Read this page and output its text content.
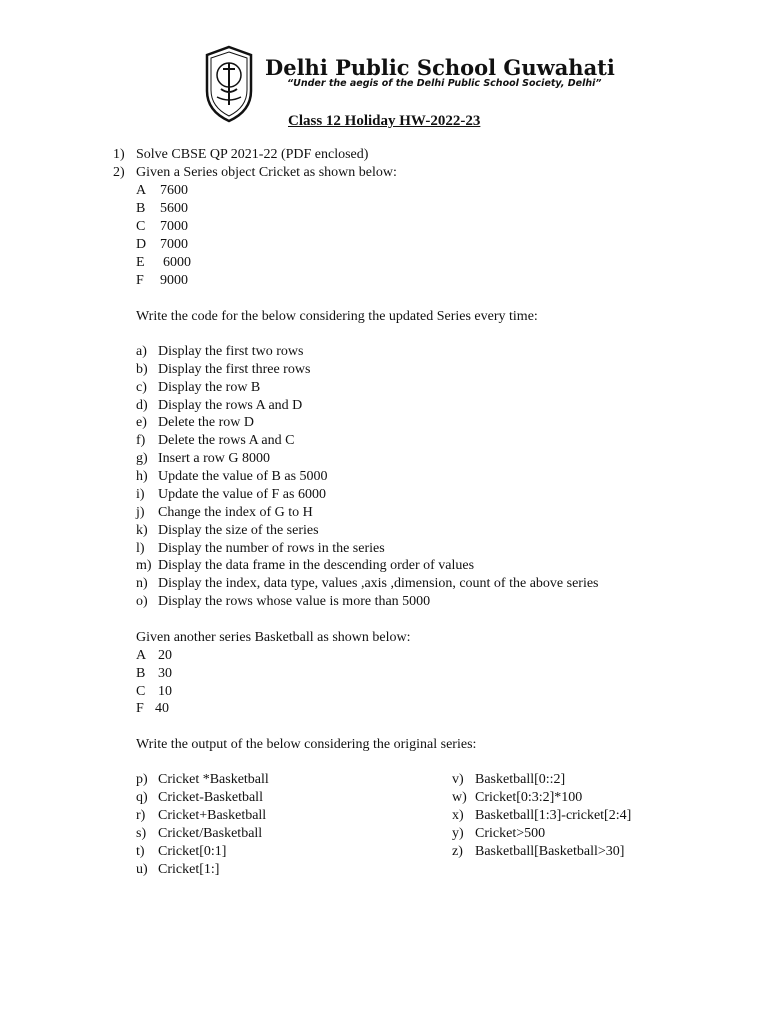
Delhi Public School Guwahati
“Under the aegis of the Delhi Public School Society, Delhi”
Class 12 Holiday HW-2022-23
1) Solve CBSE QP 2021-22 (PDF enclosed)
2) Given a Series object Cricket as shown below:
A 7600
B 5600
C 7000
D 7000
E 6000
F 9000
Write the code for the below considering the updated Series every time:
a) Display the first two rows
b) Display the first three rows
c) Display the row B
d) Display the rows A and D
e) Delete the row D
f) Delete the rows A and C
g) Insert a row G 8000
h) Update the value of B as 5000
i) Update the value of F as 6000
j) Change the index of G to H
k) Display the size of the series
l) Display the number of rows in the series
m) Display the data frame in the descending order of values
n) Display the index, data type, values ,axis ,dimension, count of the above series
o) Display the rows whose value is more than 5000
Given another series Basketball as shown below:
A 20
B 30
C 10
F 40
Write the output of the below considering the original series:
p) Cricket *Basketball
q) Cricket-Basketball
r) Cricket+Basketball
s) Cricket/Basketball
t) Cricket[0:1]
u) Cricket[1:]
v) Basketball[0::2]
w) Cricket[0:3:2]*100
x) Basketball[1:3]-cricket[2:4]
y) Cricket>500
z) Basketball[Basketball>30]
